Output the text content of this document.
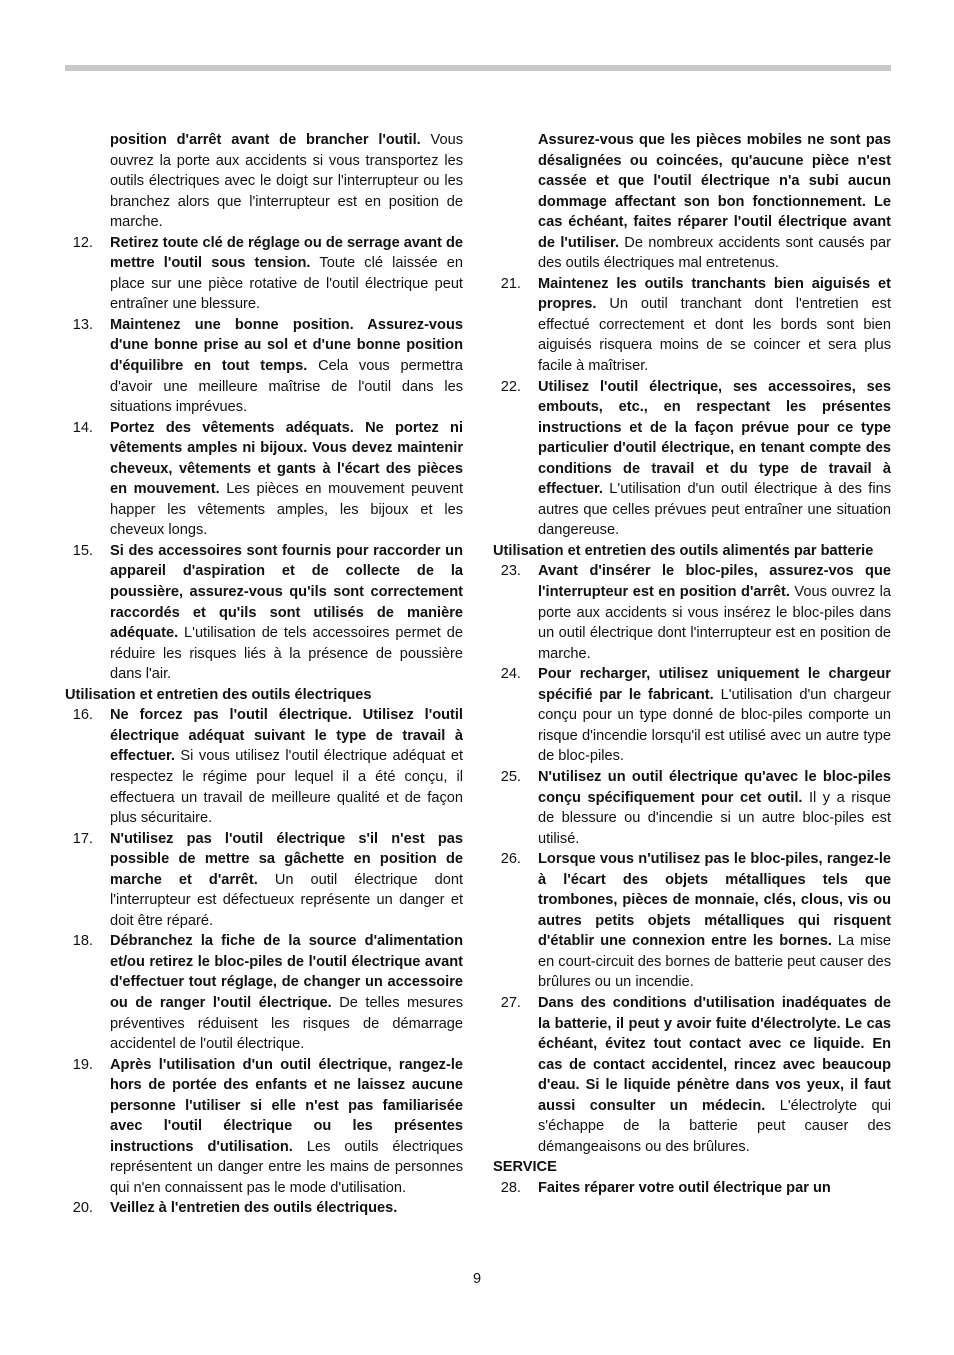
position d'arrêt avant de brancher l'outil. Vous ouvrez la porte aux accidents si vous transportez les outils électriques avec le doigt sur l'interrupteur ou les branchez alors que l'interrupteur est en position de marche.
12. Retirez toute clé de réglage ou de serrage avant de mettre l'outil sous tension. Toute clé laissée en place sur une pièce rotative de l'outil électrique peut entraîner une blessure.
13. Maintenez une bonne position. Assurez-vous d'une bonne prise au sol et d'une bonne position d'équilibre en tout temps. Cela vous permettra d'avoir une meilleure maîtrise de l'outil dans les situations imprévues.
14. Portez des vêtements adéquats. Ne portez ni vêtements amples ni bijoux. Vous devez maintenir cheveux, vêtements et gants à l'écart des pièces en mouvement. Les pièces en mouvement peuvent happer les vêtements amples, les bijoux et les cheveux longs.
15. Si des accessoires sont fournis pour raccorder un appareil d'aspiration et de collecte de la poussière, assurez-vous qu'ils sont correctement raccordés et qu'ils sont utilisés de manière adéquate. L'utilisation de tels accessoires permet de réduire les risques liés à la présence de poussière dans l'air.
Utilisation et entretien des outils électriques
16. Ne forcez pas l'outil électrique. Utilisez l'outil électrique adéquat suivant le type de travail à effectuer. Si vous utilisez l'outil électrique adéquat et respectez le régime pour lequel il a été conçu, il effectuera un travail de meilleure qualité et de façon plus sécuritaire.
17. N'utilisez pas l'outil électrique s'il n'est pas possible de mettre sa gâchette en position de marche et d'arrêt. Un outil électrique dont l'interrupteur est défectueux représente un danger et doit être réparé.
18. Débranchez la fiche de la source d'alimentation et/ou retirez le bloc-piles de l'outil électrique avant d'effectuer tout réglage, de changer un accessoire ou de ranger l'outil électrique. De telles mesures préventives réduisent les risques de démarrage accidentel de l'outil électrique.
19. Après l'utilisation d'un outil électrique, rangez-le hors de portée des enfants et ne laissez aucune personne l'utiliser si elle n'est pas familiarisée avec l'outil électrique ou les présentes instructions d'utilisation. Les outils électriques représentent un danger entre les mains de personnes qui n'en connaissent pas le mode d'utilisation.
20. Veillez à l'entretien des outils électriques.
Assurez-vous que les pièces mobiles ne sont pas désalignées ou coincées, qu'aucune pièce n'est cassée et que l'outil électrique n'a subi aucun dommage affectant son bon fonctionnement. Le cas échéant, faites réparer l'outil électrique avant de l'utiliser. De nombreux accidents sont causés par des outils électriques mal entretenus.
21. Maintenez les outils tranchants bien aiguisés et propres. Un outil tranchant dont l'entretien est effectué correctement et dont les bords sont bien aiguisés risquera moins de se coincer et sera plus facile à maîtriser.
22. Utilisez l'outil électrique, ses accessoires, ses embouts, etc., en respectant les présentes instructions et de la façon prévue pour ce type particulier d'outil électrique, en tenant compte des conditions de travail et du type de travail à effectuer. L'utilisation d'un outil électrique à des fins autres que celles prévues peut entraîner une situation dangereuse.
Utilisation et entretien des outils alimentés par batterie
23. Avant d'insérer le bloc-piles, assurez-vos que l'interrupteur est en position d'arrêt. Vous ouvrez la porte aux accidents si vous insérez le bloc-piles dans un outil électrique dont l'interrupteur est en position de marche.
24. Pour recharger, utilisez uniquement le chargeur spécifié par le fabricant. L'utilisation d'un chargeur conçu pour un type donné de bloc-piles comporte un risque d'incendie lorsqu'il est utilisé avec un autre type de bloc-piles.
25. N'utilisez un outil électrique qu'avec le bloc-piles conçu spécifiquement pour cet outil. Il y a risque de blessure ou d'incendie si un autre bloc-piles est utilisé.
26. Lorsque vous n'utilisez pas le bloc-piles, rangez-le à l'écart des objets métalliques tels que trombones, pièces de monnaie, clés, clous, vis ou autres petits objets métalliques qui risquent d'établir une connexion entre les bornes. La mise en court-circuit des bornes de batterie peut causer des brûlures ou un incendie.
27. Dans des conditions d'utilisation inadéquates de la batterie, il peut y avoir fuite d'électrolyte. Le cas échéant, évitez tout contact avec ce liquide. En cas de contact accidentel, rincez avec beaucoup d'eau. Si le liquide pénètre dans vos yeux, il faut aussi consulter un médecin. L'électrolyte qui s'échappe de la batterie peut causer des démangeaisons ou des brûlures.
SERVICE
28. Faites réparer votre outil électrique par un
9
